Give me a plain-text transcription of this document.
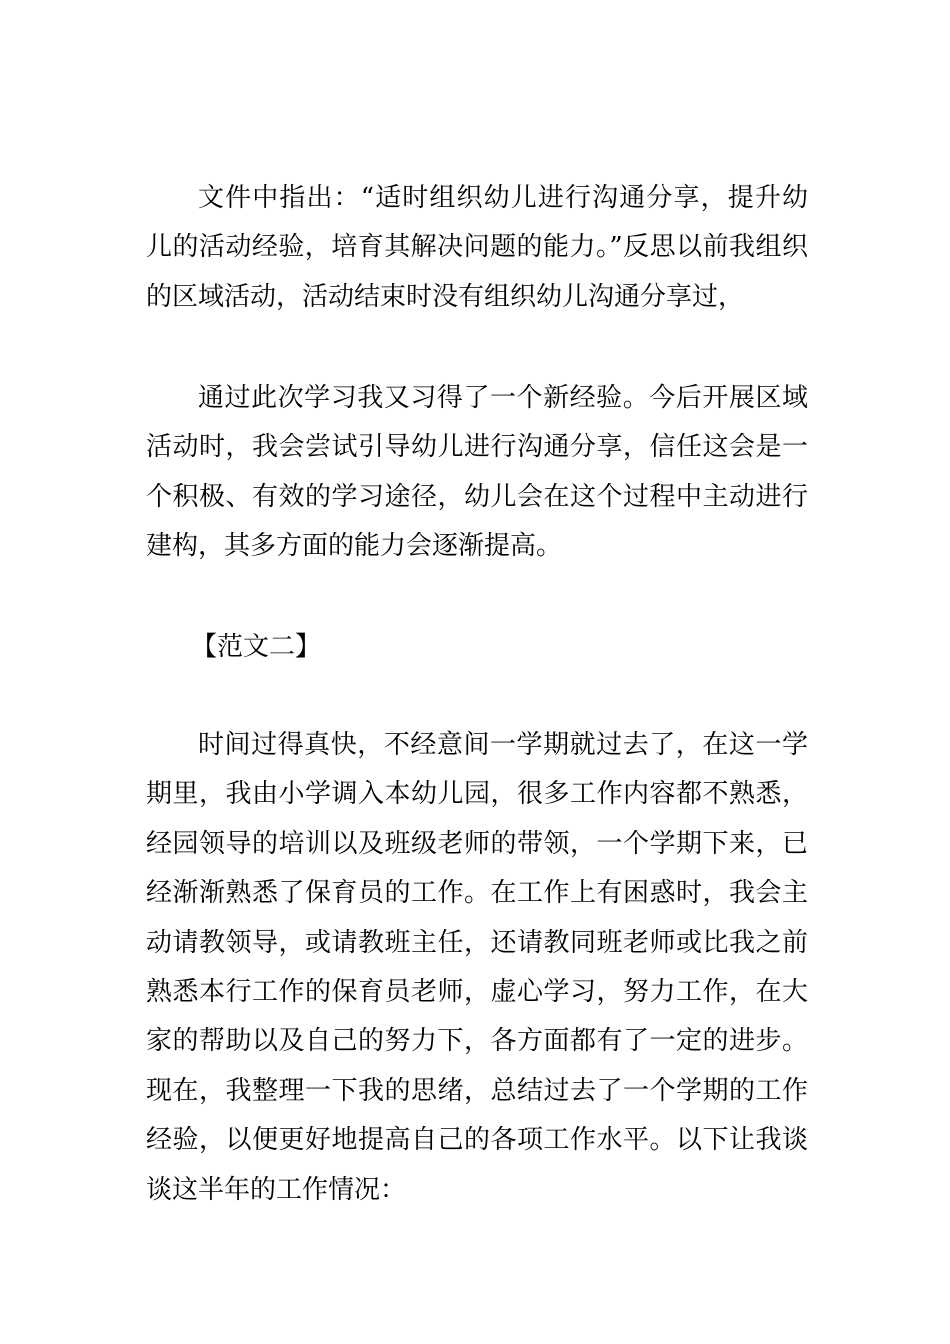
文件中指出：“适时组织幼儿进行沟通分享，提升幼儿的活动经验，培育其解决问题的能力。”反思以前我组织的区域活动，活动结束时没有组织幼儿沟通分享过，

通过此次学习我又习得了一个新经验。今后开展区域活动时，我会尝试引导幼儿进行沟通分享，信任这会是一个积极、有效的学习途径，幼儿会在这个过程中主动进行建构，其多方面的能力会逐渐提高。

【范文二】

时间过得真快，不经意间一学期就过去了，在这一学期里，我由小学调入本幼儿园，很多工作内容都不熟悉，经园领导的培训以及班级老师的带领，一个学期下来，已经渐渐熟悉了保育员的工作。在工作上有困惑时，我会主动请教领导，或请教班主任，还请教同班老师或比我之前熟悉本行工作的保育员老师，虚心学习，努力工作，在大家的帮助以及自己的努力下，各方面都有了一定的进步。现在，我整理一下我的思绪，总结过去了一个学期的工作经验，以便更好地提高自己的各项工作水平。以下让我谈谈这半年的工作情况：
